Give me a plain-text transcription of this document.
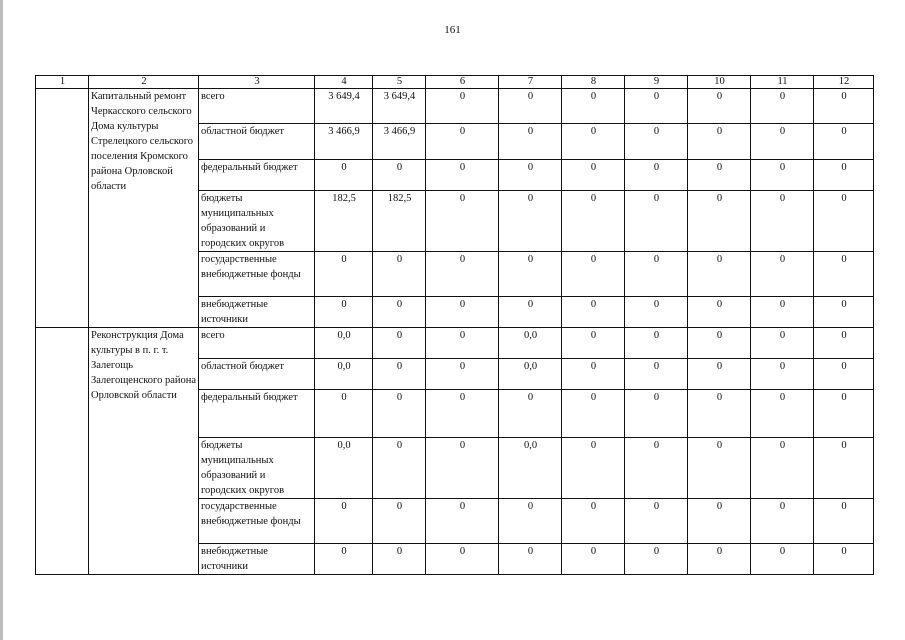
161
1	2	3	4	5	6	7	8	9	10	11	12
	Капитальный ремонт Черкасского сельского Дома культуры Стрелецкого сельского поселения Кромского района Орловской области	всего	3 649,4	3 649,4	0	0	0	0	0	0	0
		областной бюджет	3 466,9	3 466,9	0	0	0	0	0	0	0
		федеральный бюджет	0	0	0	0	0	0	0	0	0
		бюджеты муниципальных образований и городских округов	182,5	182,5	0	0	0	0	0	0	0
		государственные внебюджетные фонды	0	0	0	0	0	0	0	0	0
		внебюджетные источники	0	0	0	0	0	0	0	0	0
	Реконструкция Дома культуры в п. г. т. Залегощь Залегощенского района Орловской области	всего	0,0	0	0	0,0	0	0	0	0	0
		областной бюджет	0,0	0	0	0,0	0	0	0	0	0
		федеральный бюджет	0	0	0	0	0	0	0	0	0
		бюджеты муниципальных образований и городских округов	0,0	0	0	0,0	0	0	0	0	0
		государственные внебюджетные фонды	0	0	0	0	0	0	0	0	0
		внебюджетные источники	0	0	0	0	0	0	0	0	0
